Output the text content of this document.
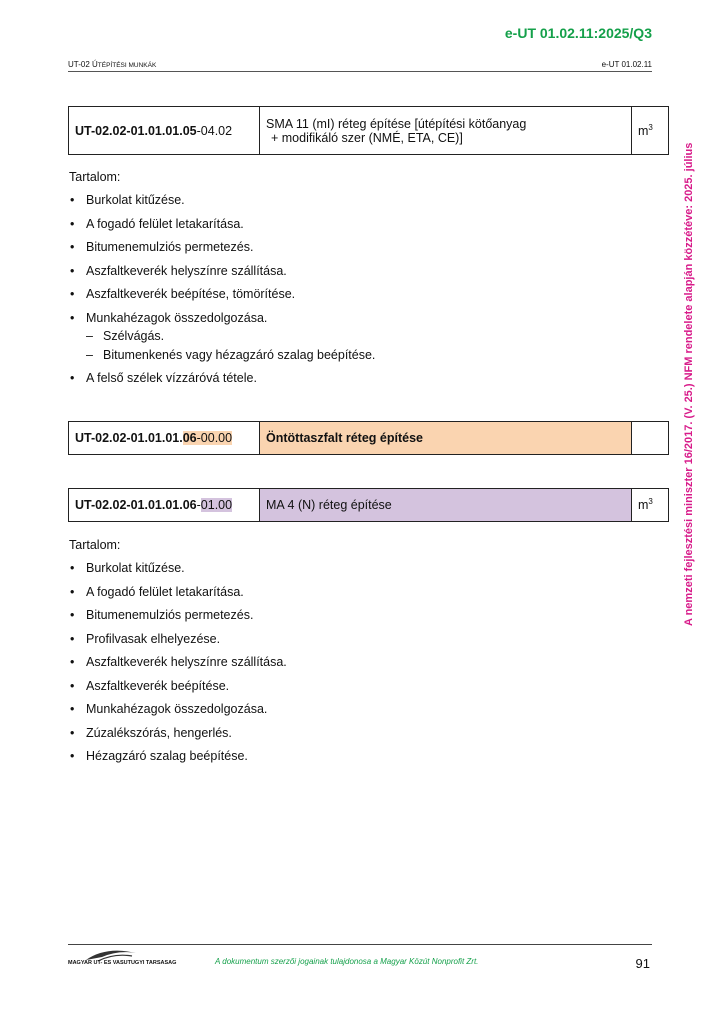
e-UT 01.02.11:2025/Q3
UT-02 ÚTÉPÍTÉSI MUNKÁK	e-UT 01.02.11
A nemzeti fejlesztési miniszter 16/2017. (V. 25.) NFM rendelete alapján közzétéve: 2025. július
UT-02.02-01.01.01.05-04.02	SMA 11 (mI) réteg építése [útépítési kötőanyag
+ modifikáló szer (NMÉ, ETA, CE)]	$m^3$
Tartalom:
• Burkolat kitűzése.
• A fogadó felület letakarítása.
• Bitumenemulziós permetezés.
• Aszfaltkeverék helyszínre szállítása.
• Aszfaltkeverék beépítése, tömörítése.
• Munkahézagok összedolgozása.
– Szélvágás.
– Bitumenkenés vagy hézagzáró szalag beépítése.
• A felső szélek vízzáróvá tétele.
UT-02.02-01.01.01.06-00.00	Öntöttaszfalt réteg építése	
UT-02.02-01.01.01.06-01.00	MA 4 (N) réteg építése	$m^3$
Tartalom:
• Burkolat kitűzése.
• A fogadó felület letakarítása.
• Bitumenemulziós permetezés.
• Profilvasak elhelyezése.
• Aszfaltkeverék helyszínre szállítása.
• Aszfaltkeverék beépítése.
• Munkahézagok összedolgozása.
• Zúzalékszórás, hengerlés.
• Hézagzáró szalag beépítése.
MAGYAR UT- ES VASUTUGYI TARSASAG	A dokumentum szerzői jogainak tulajdonosa a Magyar Közút Nonprofit Zrt.	91
